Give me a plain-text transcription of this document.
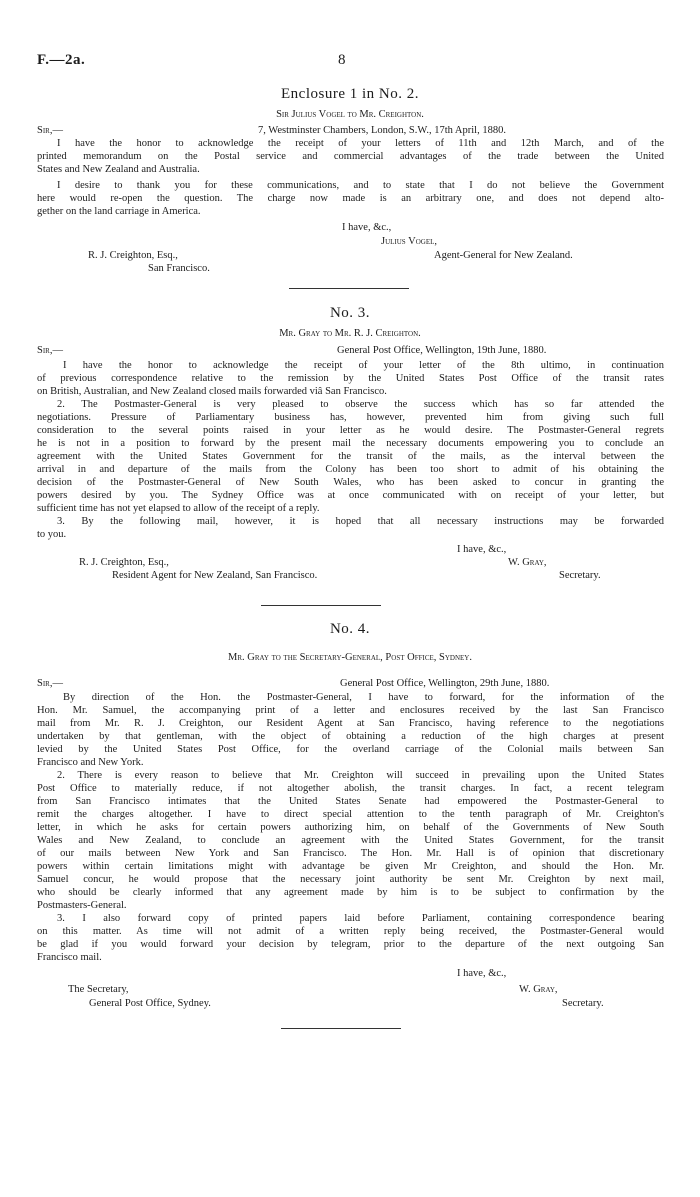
F.—2a.	8
Enclosure 1 in No. 2.
Sir Julius Vogel to Mr. Creighton.
Sir,—	7, Westminster Chambers, London, S.W., 17th April, 1880.
I have the honor to acknowledge the receipt of your letters of 11th and 12th March, and of the
printed memorandum on the Postal service and commercial advantages of the trade between the United
States and New Zealand and Australia.
I desire to thank you for these communications, and to state that I do not believe the Government
here would re-open the question. The charge now made is an arbitrary one, and does not depend alto-
gether on the land carriage in America.
I have, &c.,
Julius Vogel,
R. J. Creighton, Esq.,	Agent-General for New Zealand.
San Francisco.
No. 3.
Mr. Gray to Mr. R. J. Creighton.
Sir,—	General Post Office, Wellington, 19th June, 1880.
I have the honor to acknowledge the receipt of your letter of the 8th ultimo, in continuation
of previous correspondence relative to the remission by the United States Post Office of the transit rates
on British, Australian, and New Zealand closed mails forwarded viâ San Francisco.
2. The Postmaster-General is very pleased to observe the success which has so far attended the
negotiations. Pressure of Parliamentary business has, however, prevented him from giving such full
consideration to the several points raised in your letter as he would desire. The Postmaster-General regrets
he is not in a position to forward by the present mail the necessary documents empowering you to conclude an
agreement with the United States Government for the transit of the mails, as the interval between the
arrival in and departure of the mails from the Colony has been too short to admit of his obtaining the
decision of the Postmaster-General of New South Wales, who has been asked to concur in granting the
powers desired by you. The Sydney Office was at once communicated with on receipt of your letter, but
sufficient time has not yet elapsed to allow of the receipt of a reply.
3. By the following mail, however, it is hoped that all necessary instructions may be forwarded
to you.
I have, &c.,
R. J. Creighton, Esq.,	W. Gray,
Resident Agent for New Zealand, San Francisco.	Secretary.
No. 4.
Mr. Gray to the Secretary-General, Post Office, Sydney.
Sir,—	General Post Office, Wellington, 29th June, 1880.
By direction of the Hon. the Postmaster-General, I have to forward, for the information of the
Hon. Mr. Samuel, the accompanying print of a letter and enclosures received by the last San Francisco
mail from Mr. R. J. Creighton, our Resident Agent at San Francisco, having reference to the negotiations
undertaken by that gentleman, with the object of obtaining a reduction of the high charges at present
levied by the United States Post Office, for the overland carriage of the Colonial mails between San
Francisco and New York.
2. There is every reason to believe that Mr. Creighton will succeed in prevailing upon the United States
Post Office to materially reduce, if not altogether abolish, the transit charges. In fact, a recent telegram
from San Francisco intimates that the United States Senate had empowered the Postmaster-General to
remit the charges altogether. I have to direct special attention to the tenth paragraph of Mr. Creighton's
letter, in which he asks for certain powers authorizing him, on behalf of the Governments of New South
Wales and New Zealand, to conclude an agreement with the United States Government, for the transit
of our mails between New York and San Francisco. The Hon. Mr. Hall is of opinion that discretionary
powers within certain limitations might with advantage be given Mr Creighton, and should the Hon. Mr.
Samuel concur, he would propose that the necessary joint authority be sent Mr. Creighton by next mail,
who should be clearly informed that any agreement made by him is to be subject to confirmation by the
Postmasters-General.
3. I also forward copy of printed papers laid before Parliament, containing correspondence bearing
on this matter. As time will not admit of a written reply being received, the Postmaster-General would
be glad if you would forward your decision by telegram, prior to the departure of the next outgoing San
Francisco mail.
I have, &c.,
The Secretary,	W. Gray,
General Post Office, Sydney.	Secretary.
